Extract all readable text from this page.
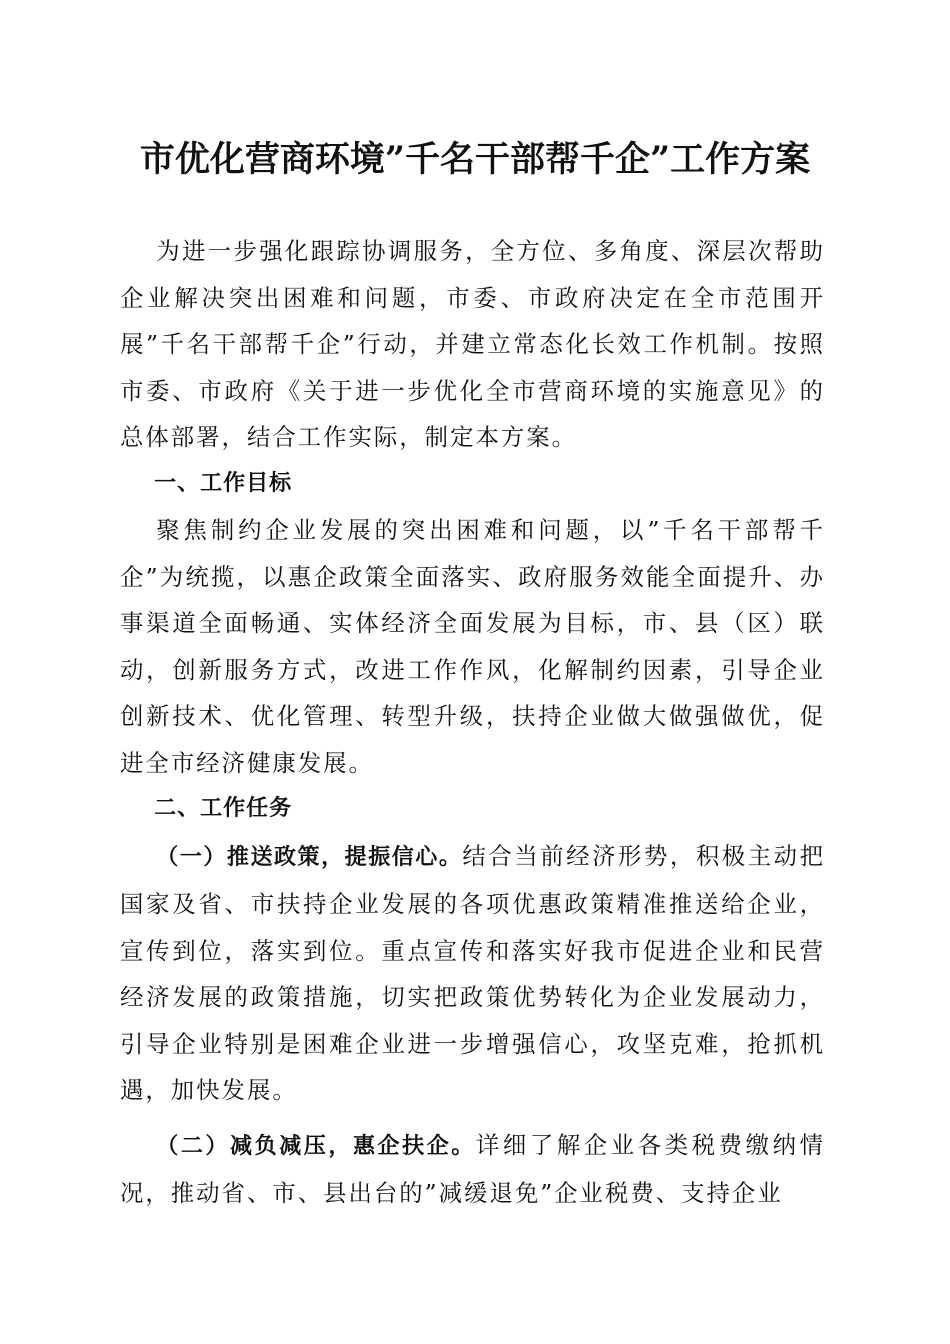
市优化营商环境”千名干部帮千企”工作方案

为进一步强化跟踪协调服务，全方位、多角度、深层次帮助企业解决突出困难和问题，市委、市政府决定在全市范围开展”千名干部帮千企”行动，并建立常态化长效工作机制。按照市委、市政府《关于进一步优化全市营商环境的实施意见》的总体部署，结合工作实际，制定本方案。

一、工作目标

聚焦制约企业发展的突出困难和问题，以”千名干部帮千企”为统揽，以惠企政策全面落实、政府服务效能全面提升、办事渠道全面畅通、实体经济全面发展为目标，市、县（区）联动，创新服务方式，改进工作作风，化解制约因素，引导企业创新技术、优化管理、转型升级，扶持企业做大做强做优，促进全市经济健康发展。

二、工作任务

（一）推送政策，提振信心。结合当前经济形势，积极主动把国家及省、市扶持企业发展的各项优惠政策精准推送给企业，宣传到位，落实到位。重点宣传和落实好我市促进企业和民营经济发展的政策措施，切实把政策优势转化为企业发展动力，引导企业特别是困难企业进一步增强信心，攻坚克难，抢抓机遇，加快发展。

（二）减负减压，惠企扶企。详细了解企业各类税费缴纳情况，推动省、市、县出台的”减缓退免”企业税费、支持企业
